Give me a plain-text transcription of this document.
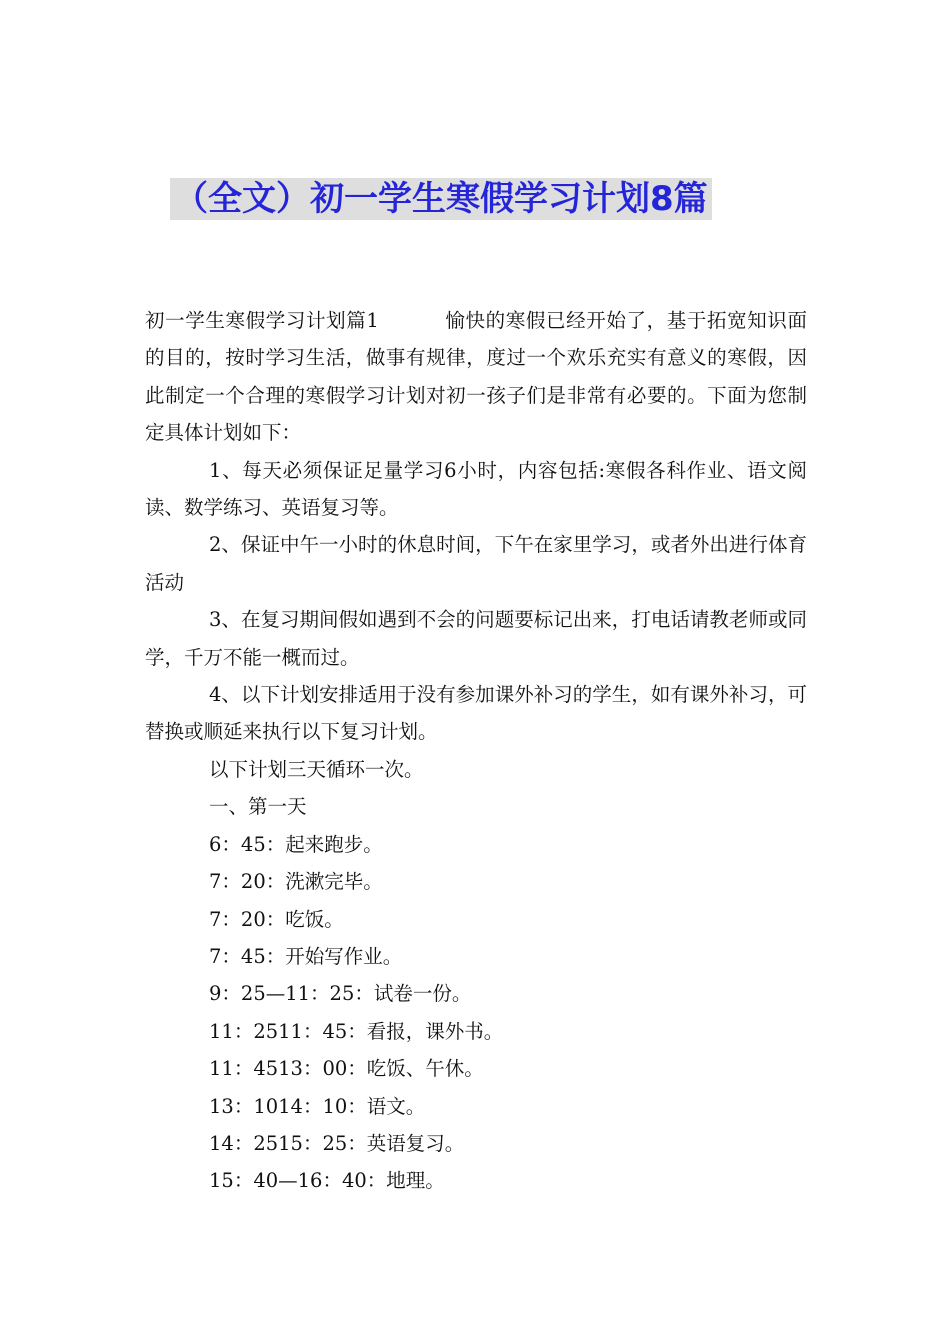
（全文）初一学生寒假学习计划8篇

初一学生寒假学习计划篇1	愉快的寒假已经开始了，基于拓宽知识面的目的，按时学习生活，做事有规律，度过一个欢乐充实有意义的寒假，因此制定一个合理的寒假学习计划对初一孩子们是非常有必要的。下面为您制定具体计划如下：

1、每天必须保证足量学习6小时，内容包括:寒假各科作业、语文阅读、数学练习、英语复习等。

2、保证中午一小时的休息时间，下午在家里学习，或者外出进行体育活动

3、在复习期间假如遇到不会的问题要标记出来，打电话请教老师或同学，千万不能一概而过。

4、以下计划安排适用于没有参加课外补习的学生，如有课外补习，可替换或顺延来执行以下复习计划。

以下计划三天循环一次。

一、第一天

6：45：起来跑步。

7：20：洗漱完毕。

7：20：吃饭。

7：45：开始写作业。

9：25—11：25：试卷一份。

11：2511：45：看报，课外书。

11：4513：00：吃饭、午休。

13：1014：10：语文。

14：2515：25：英语复习。

15：40—16：40：地理。
